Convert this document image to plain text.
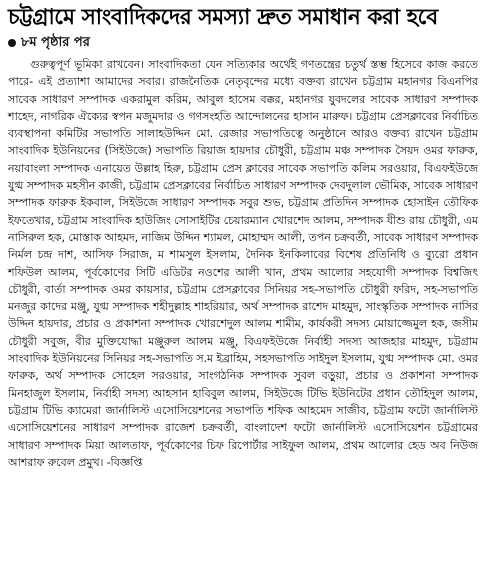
চট্টগ্রামে সাংবাদিকদের সমস্যা দ্রুত সমাধান করা হবে
৮ম পৃষ্ঠার পর

গুরুত্বপূর্ণ ভূমিকা রাখবেন। সাংবাদিকতা যেন সত্যিকার অর্থেই গণতন্ত্রের চতুর্থ স্তম্ভ হিসেবে কাজ করতে পারে- এই প্রত্যাশা আমাদের সবার। রাজনৈতিক নেতৃবৃন্দের মধ্যে বক্তব্য রাখেন চট্টগ্রাম মহানগর বিএনপির সাবেক সাধারণ সম্পাদক একরামুল করিম, আবুল হাসেম বক্কর, মহানগর যুবদলের সাবেক সাধারণ সম্পাদক শাহেদ, নাগরিক ঐক্যের স্বপন মজুমদার ও গণসংহতি আন্দোলনের হাসান মারুফ। চট্টগ্রাম প্রেসক্লাবের নির্বাচিত ব্যবস্থাপনা কমিটির সভাপতি সালাহউদ্দিন মো. রেজার সভাপতিত্বে অনুষ্ঠানে আরও বক্তব্য রাখেন চট্টগ্রাম সাংবাদিক ইউনিয়নের (সিইউজে) সভাপতি রিয়াজ হায়দার চৌধুরী, চট্টগ্রাম মঞ্চ সম্পাদক সৈয়দ ওমর ফারুক, নয়াবাংলা সম্পাদক এনায়েত উল্লাহ হিরু, চট্টগ্রাম প্রেস ক্লাবের সাবেক সভাপতি কলিম সরওয়ার, বিএফইউজে যুগ্ম সম্পাদক মহসীন কাজী, চট্টগ্রাম প্রেসক্লাবের নির্বাচিত সাধারণ সম্পাদক দেবদুলাল ভৌমিক, সাবেক সাধারণ সম্পাদক ফারুক ইকবাল, সিইউজে সাধারণ সম্পাদক সবুর শুভ, চট্টগ্রাম প্রতিদিন সম্পাদক হোসাইন তৌফিক ইফতেখার, চট্টগ্রাম সাংবাদিক হাউজিং সোসাইটির চেয়ারম্যান খোরশেদ আলম, সম্পাদক যীশু রায় চৌধুরী, এম নাসিরুল হক, মোস্তাক আহমদ, নাজিম উদ্দিন শ্যামল, মোহাম্মদ আলী, তপন চক্রবর্তী, সাবেক সাধারণ সম্পাদক নির্মল চন্দ্র দাশ, আসিফ সিরাজ, ম শামসুল ইসলাম, দৈনিক ইনকিলাবের বিশেষ প্রতিনিধি ও ব্যুরো প্রধান শফিউল আলম, পূর্বকোণের সিটি এডিটর নওশের আলী খান, প্রথম আলোর সহযোগী সম্পাদক বিশ্বজিৎ চৌধুরী, বার্তা সম্পাদক ওমর কায়সার, চট্টগ্রাম প্রেসক্লাবের সিনিয়র সহ-সভাপতি চৌধুরী ফরিদ, সহ-সভাপতি মনজুর কাদের মঞ্জু, যুগ্ম সম্পাদক শহীদুল্লাহ শাহরিয়ার, অর্থ সম্পাদক রাশেদ মাহমুদ, সাংস্কৃতিক সম্পাদক নাসির উদ্দিন হায়দার, প্রচার ও প্রকাশনা সম্পাদক খোরশেদুল আলম শামীম, কার্যকরী সদস্য মোয়াজ্জেমুল হক, জসীম চৌধুরী সবুজ, বীর মুক্তিযোদ্ধা মঞ্জুরুল আলম মঞ্জু, বিএফইউজে নির্বাহী সদস্য আজহার মাহমুদ, চট্টগ্রাম সাংবাদিক ইউনিয়নের সিনিয়র সহ-সভাপতি স.ম ইব্রাহিম, সহসভাপতি সাইদুল ইসলাম, যুগ্ম সম্পাদক মো. ওমর ফারুক, অর্থ সম্পাদক সোহেল সরওয়ার, সাংগঠনিক সম্পাদক সুবল বড়ুয়া, প্রচার ও প্রকাশনা সম্পাদক মিনহাজুল ইসলাম, নির্বাহী সদস্য আহসান হাবিবুল আলম, সিইউজে টিভি ইউনিটের প্রধান তৌহিদুল আলম, চট্টগ্রাম টিভি ক্যামেরা জার্নালিস্ট এসোসিয়েশনের সভাপতি শফিক আহমেদ সাজীব, চট্টগ্রাম ফটো জার্নালিস্ট এসোসিয়েশনের সাধারণ সম্পাদক রাজেশ চক্রবর্তী, বাংলাদেশ ফটো জার্নালিস্ট এসোসিয়েশন চট্টগ্রামের সাধারণ সম্পাদক মিয়া আলতাফ, পূর্বকোণের চিফ রিপোর্টার সাইফুল আলম, প্রথম আলোর হেড অব নিউজ আশরাফ রুবেল প্রমুখ। -বিজ্ঞপ্তি
